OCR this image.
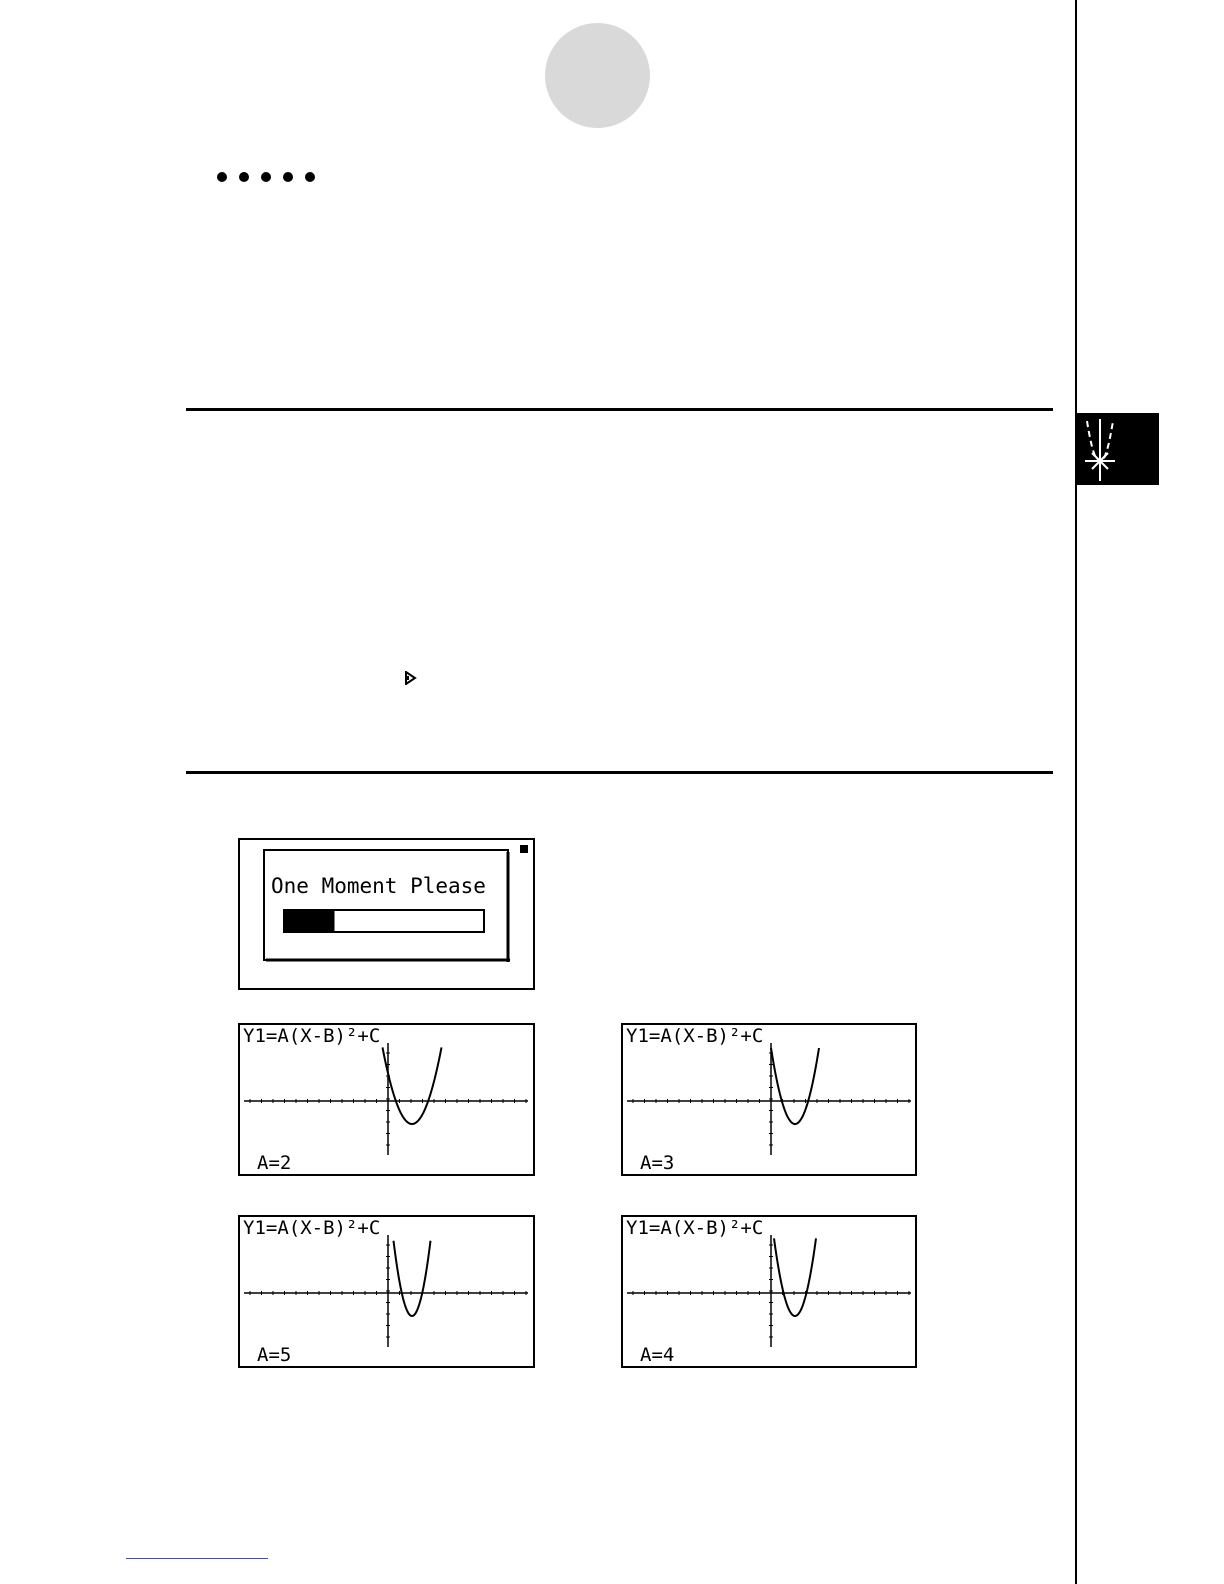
One Moment Please
Y1=A(X-B)²+C
A=2
Y1=A(X-B)²+C
A=3
Y1=A(X-B)²+C
A=5
Y1=A(X-B)²+C
A=4
